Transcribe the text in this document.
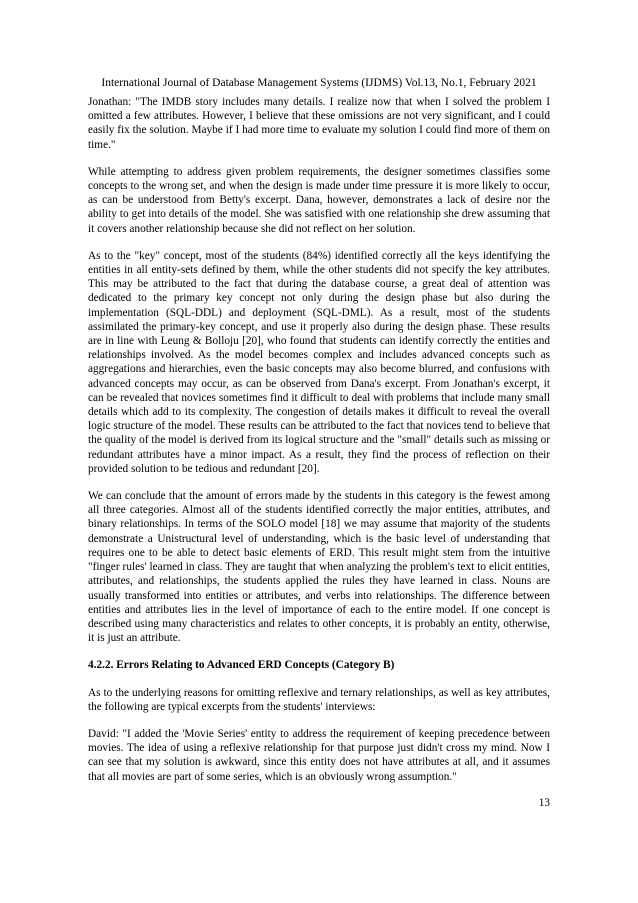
International Journal of Database Management Systems (IJDMS) Vol.13, No.1, February 2021

Jonathan: "The IMDB story includes many details. I realize now that when I solved the problem I omitted a few attributes. However, I believe that these omissions are not very significant, and I could easily fix the solution. Maybe if I had more time to evaluate my solution I could find more of them on time."

While attempting to address given problem requirements, the designer sometimes classifies some concepts to the wrong set, and when the design is made under time pressure it is more likely to occur, as can be understood from Betty's excerpt. Dana, however, demonstrates a lack of desire nor the ability to get into details of the model. She was satisfied with one relationship she drew assuming that it covers another relationship because she did not reflect on her solution.

As to the "key" concept, most of the students (84%) identified correctly all the keys identifying the entities in all entity-sets defined by them, while the other students did not specify the key attributes. This may be attributed to the fact that during the database course, a great deal of attention was dedicated to the primary key concept not only during the design phase but also during the implementation (SQL-DDL) and deployment (SQL-DML). As a result, most of the students assimilated the primary-key concept, and use it properly also during the design phase. These results are in line with Leung & Bolloju [20], who found that students can identify correctly the entities and relationships involved. As the model becomes complex and includes advanced concepts such as aggregations and hierarchies, even the basic concepts may also become blurred, and confusions with advanced concepts may occur, as can be observed from Dana's excerpt. From Jonathan's excerpt, it can be revealed that novices sometimes find it difficult to deal with problems that include many small details which add to its complexity. The congestion of details makes it difficult to reveal the overall logic structure of the model. These results can be attributed to the fact that novices tend to believe that the quality of the model is derived from its logical structure and the "small" details such as missing or redundant attributes have a minor impact. As a result, they find the process of reflection on their provided solution to be tedious and redundant [20].

We can conclude that the amount of errors made by the students in this category is the fewest among all three categories. Almost all of the students identified correctly the major entities, attributes, and binary relationships. In terms of the SOLO model [18] we may assume that majority of the students demonstrate a Unistructural level of understanding, which is the basic level of understanding that requires one to be able to detect basic elements of ERD. This result might stem from the intuitive "finger rules' learned in class. They are taught that when analyzing the problem's text to elicit entities, attributes, and relationships, the students applied the rules they have learned in class. Nouns are usually transformed into entities or attributes, and verbs into relationships. The difference between entities and attributes lies in the level of importance of each to the entire model. If one concept is described using many characteristics and relates to other concepts, it is probably an entity, otherwise, it is just an attribute.

4.2.2. Errors Relating to Advanced ERD Concepts (Category B)

As to the underlying reasons for omitting reflexive and ternary relationships, as well as key attributes, the following are typical excerpts from the students' interviews:

David: "I added the 'Movie Series' entity to address the requirement of keeping precedence between movies. The idea of using a reflexive relationship for that purpose just didn't cross my mind. Now I can see that my solution is awkward, since this entity does not have attributes at all, and it assumes that all movies are part of some series, which is an obviously wrong assumption."

13
